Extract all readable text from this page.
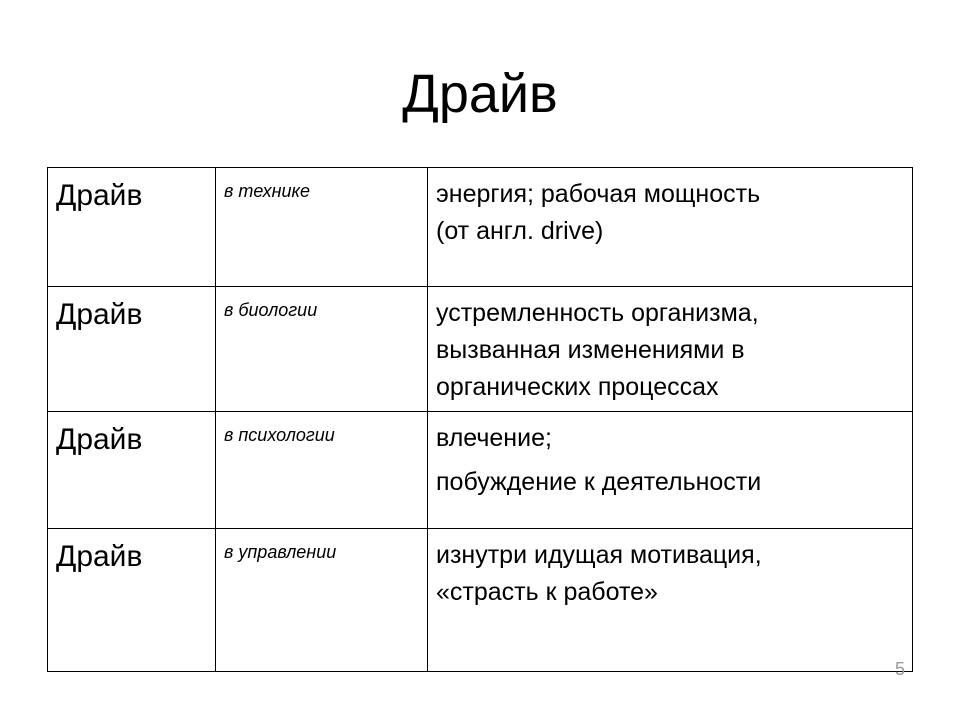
Драйв
Драйв	в технике	энергия; рабочая мощность
(от англ. drive)

Драйв	в биологии	устремленность организма,
вызванная изменениями в
органических процессах

Драйв	в психологии	влечение;
побуждение к деятельности

Драйв	в управлении	изнутри идущая мотивация,
«страсть к работе»
5
